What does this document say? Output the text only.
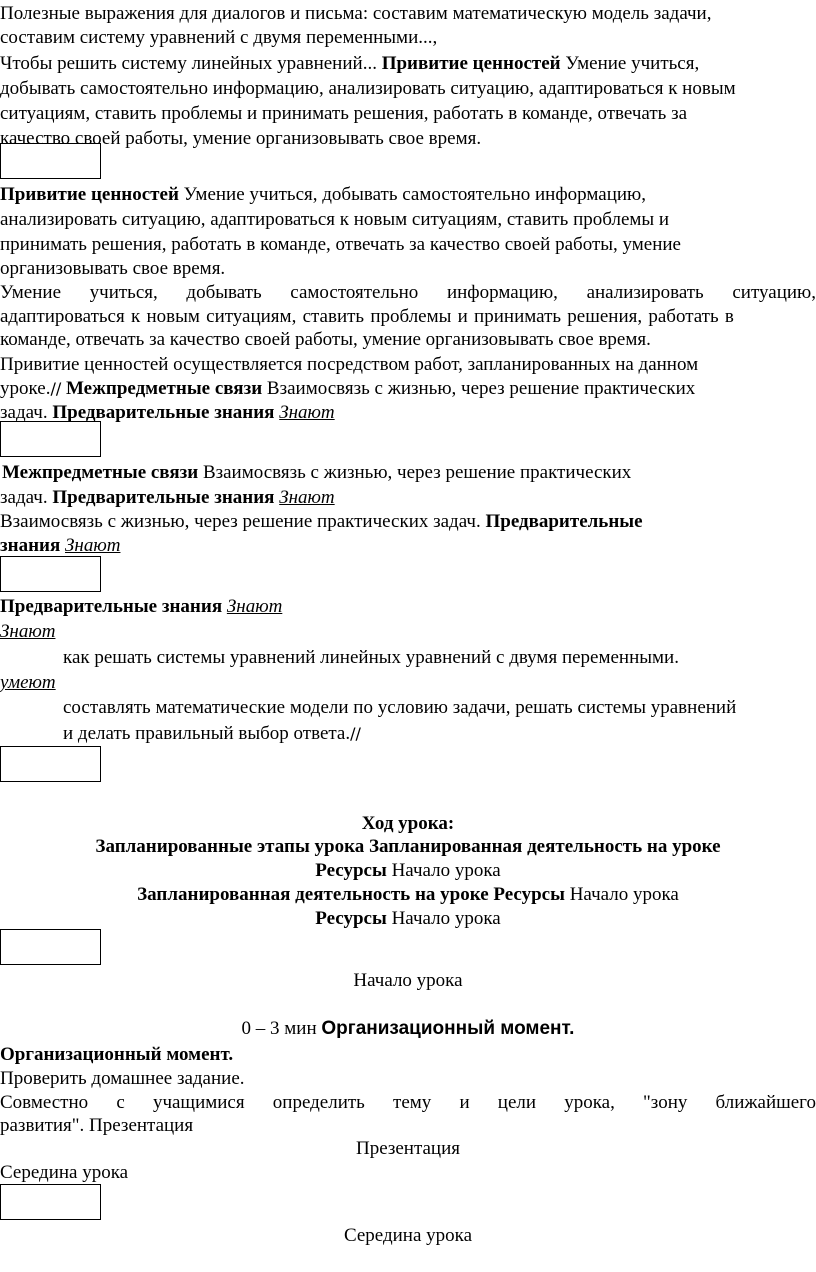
Полезные выражения для диалогов и письма: составим математическую модель задачи,
составим систему уравнений с двумя переменными...,
Чтобы решить систему линейных уравнений... Привитие ценностей Умение учиться,
добывать самостоятельно информацию, анализировать ситуацию, адаптироваться к новым
ситуациям, ставить проблемы и принимать решения, работать в команде, отвечать за
качество своей работы, умение организовывать свое время.
Привитие ценностей Умение учиться, добывать самостоятельно информацию,
анализировать ситуацию, адаптироваться к новым ситуациям, ставить проблемы и
принимать решения, работать в команде, отвечать за качество своей работы, умение
организовывать свое время.
Умение учиться, добывать самостоятельно информацию, анализировать ситуацию,
адаптироваться к новым ситуациям, ставить проблемы и принимать решения, работать в
команде, отвечать за качество своей работы, умение организовывать свое время.
Привитие ценностей осуществляется посредством работ, запланированных на данном
уроке.// Межпредметные связи Взаимосвязь с жизнью, через решение практических
задач. Предварительные знания Знают
Межпредметные связи Взаимосвязь с жизнью, через решение практических
задач. Предварительные знания Знают
Взаимосвязь с жизнью, через решение практических задач. Предварительные
знания Знают
Предварительные знания Знают
Знают
как решать системы уравнений линейных уравнений с двумя переменными.
умеют
составлять математические модели по условию задачи, решать системы уравнений
и делать правильный выбор ответа.//
Ход урока:
Запланированные этапы урока Запланированная деятельность на уроке
Ресурсы Начало урока
Запланированная деятельность на уроке Ресурсы Начало урока
Ресурсы Начало урока
Начало урока
0 – 3 мин Организационный момент.
Организационный момент.
Проверить домашнее задание.
Совместно с учащимися определить тему и цели урока, "зону ближайшего
развития". Презентация
Презентация
Середина урока
Середина урока
